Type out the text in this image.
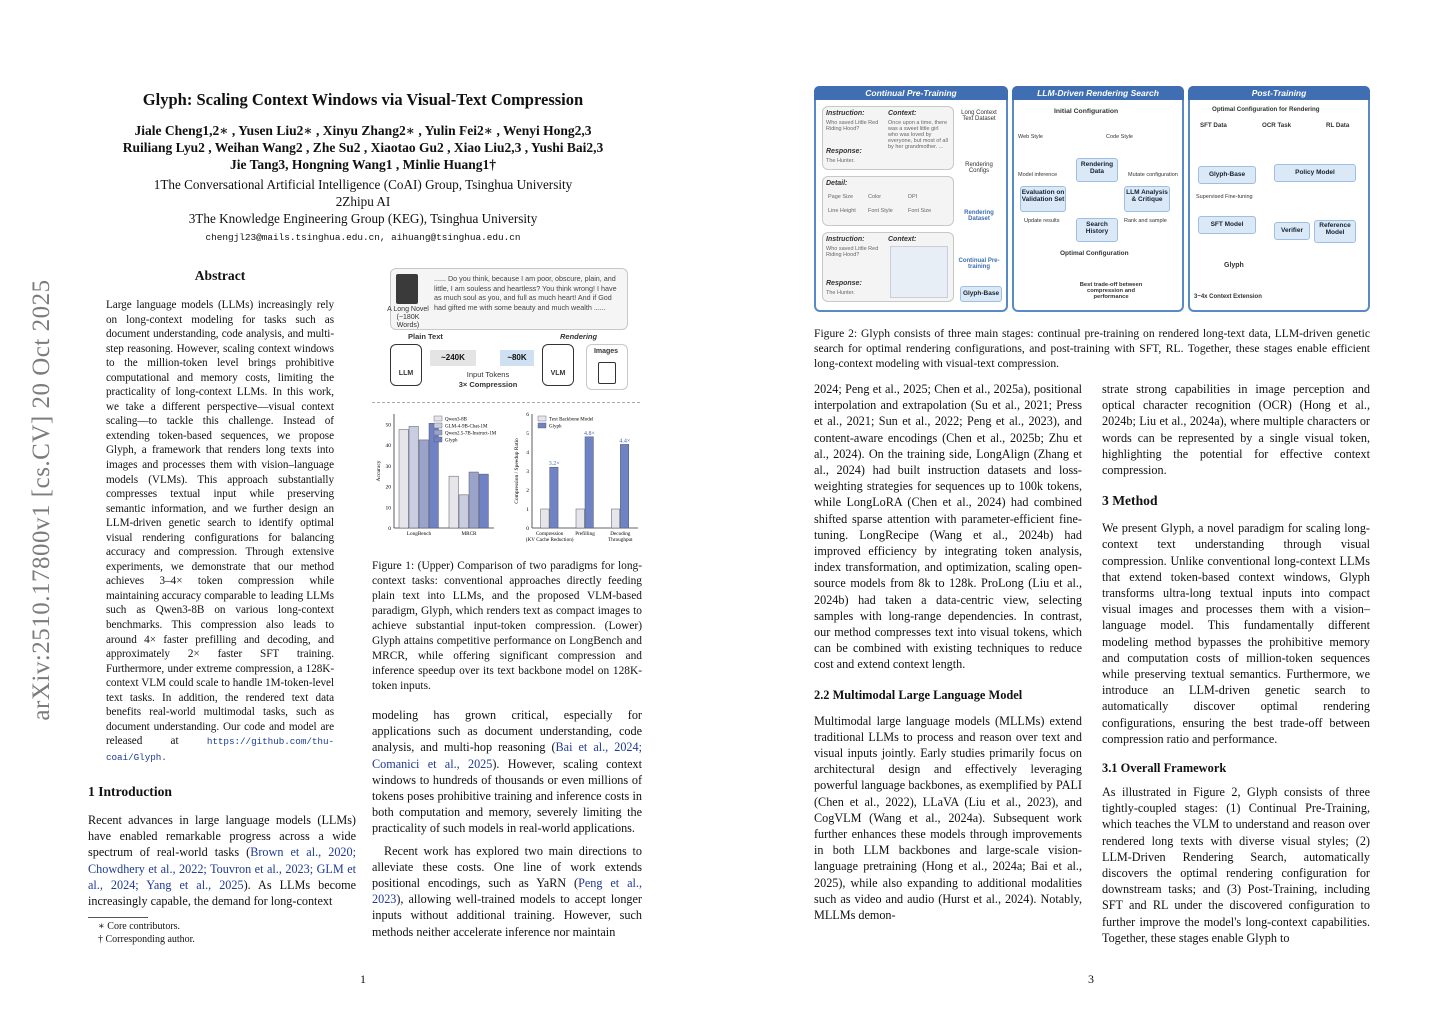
arXiv:2510.17800v1 [cs.CV] 20 Oct 2025
Glyph: Scaling Context Windows via Visual-Text Compression
Jiale Cheng1,2∗ , Yusen Liu2∗ , Xinyu Zhang2∗ , Yulin Fei2∗ , Wenyi Hong2,3
Ruiliang Lyu2 , Weihan Wang2 , Zhe Su2 , Xiaotao Gu2 , Xiao Liu2,3 , Yushi Bai2,3
Jie Tang3, Hongning Wang1 , Minlie Huang1†
1The Conversational Artificial Intelligence (CoAI) Group, Tsinghua University
2Zhipu AI
3The Knowledge Engineering Group (KEG), Tsinghua University
chengjl23@mails.tsinghua.edu.cn, aihuang@tsinghua.edu.cn
Abstract

Large language models (LLMs) increasingly rely on long-context modeling for tasks such as document understanding, code analysis, and multi-step reasoning. However, scaling context windows to the million-token level brings prohibitive computational and memory costs, limiting the practicality of long-context LLMs. In this work, we take a different perspective—visual context scaling—to tackle this challenge. Instead of extending token-based sequences, we propose Glyph, a framework that renders long texts into images and processes them with vision–language models (VLMs). This approach substantially compresses textual input while preserving semantic information, and we further design an LLM-driven genetic search to identify optimal visual rendering configurations for balancing accuracy and compression. Through extensive experiments, we demonstrate that our method achieves 3–4× token compression while maintaining accuracy comparable to leading LLMs such as Qwen3-8B on various long-context benchmarks. This compression also leads to around 4× faster prefilling and decoding, and approximately 2× faster SFT training. Furthermore, under extreme compression, a 128K-context VLM could scale to handle 1M-token-level text tasks. In addition, the rendered text data benefits real-world multimodal tasks, such as document understanding. Our code and model are released at	https://github.com/thu-coai/Glyph.

1 Introduction

Recent advances in large language models (LLMs) have enabled remarkable progress across a wide spectrum of real-world tasks (Brown et al., 2020; Chowdhery et al., 2022; Touvron et al., 2023; GLM et al., 2024; Yang et al., 2025). As LLMs become increasingly capable, the demand for long-context

∗ Core contributors.
† Corresponding author.
1
A Long Novel
(~180K Words)
...... Do you think, because I am poor, obscure, plain, and little, I am souless and heartless? You think wrong! I have as much soul as you, and full as much heart! And if God had gifted me with some beauty and much wealth ......
Plain Text	Rendering
LLM
~240K	~80K
Input Tokens
3× Compression
VLM
Images
0
10
20
30
40
50
Accuracy
LongBench	MRCR
Qwen3-8B
GLM-4-9B-Chat-1M
Qwen2.5-7B-Instruct-1M
Glyph
0
1
2
3
4
5
6
Compression / Speedup Ratio	3.2×
Compression
(KV Cache Reduction)
4.8×
Prefilling
4.4×
Decoding
Throughput
Text Backbone Model
Glyph

Figure 1: (Upper) Comparison of two paradigms for long-context tasks: conventional approaches directly feeding plain text into LLMs, and the proposed VLM-based paradigm, Glyph, which renders text as compact images to achieve substantial input-token compression. (Lower) Glyph attains competitive performance on LongBench and MRCR, while offering significant compression and inference speedup over its text backbone model on 128K-token inputs.

modeling has grown critical, especially for applications such as document understanding, code analysis, and multi-hop reasoning (Bai et al., 2024; Comanici et al., 2025). However, scaling context windows to hundreds of thousands or even millions of tokens poses prohibitive training and inference costs in both computation and memory, severely limiting the practicality of such models in real-world applications.

Recent work has explored two main directions to alleviate these costs. One line of work extends positional encodings, such as YaRN (Peng et al., 2023), allowing well-trained models to accept longer inputs without additional training. However, such methods neither accelerate inference nor maintain

Continual Pre-Training
Instruction:
Who saved Little Red Riding Hood?
Response:
The Hunter.
Context:
Once upon a time, there was a sweet little girl who was loved by everyone, but most of all by her grandmother. ...
Detail:
Page Size	Color	DPI
Line Height	Font Style	Font Size
Instruction:
Who saved Little Red Riding Hood?
Response:
The Hunter.
Context:
Long Context Text Dataset
Rendering Configs
Rendering Dataset
Continual Pre-training
Glyph-Base
LLM-Driven Rendering Search
Initial Configuration
Web Style	Code Style
Model inference
Rendering Data	Mutate configuration
Evaluation on Validation Set
LLM Analysis & Critique
Update results	Rank and sample
Search History
Optimal Configuration
Best trade-off between compression and performance
Post-Training
Optimal Configuration for Rendering
SFT Data	OCR Task	RL Data
Glyph-Base
Supervised Fine-tuning
SFT Model
Policy Model
Verifier
Reference Model
Glyph
3~4x Context Extension

Figure 2: Glyph consists of three main stages: continual pre-training on rendered long-text data, LLM-driven genetic search for optimal rendering configurations, and post-training with SFT, RL. Together, these stages enable efficient long-context modeling with visual-text compression.

2024; Peng et al., 2025; Chen et al., 2025a), positional interpolation and extrapolation (Su et al., 2021; Press et al., 2021; Sun et al., 2022; Peng et al., 2023), and content-aware encodings (Chen et al., 2025b; Zhu et al., 2024). On the training side, LongAlign (Zhang et al., 2024) had built instruction datasets and loss-weighting strategies for sequences up to 100k tokens, while LongLoRA (Chen et al., 2024) had combined shifted sparse attention with parameter-efficient fine-tuning. LongRecipe (Wang et al., 2024b) had improved efficiency by integrating token analysis, index transformation, and optimization, scaling open-source models from 8k to 128k. ProLong (Liu et al., 2024b) had taken a data-centric view, selecting samples with long-range dependencies. In contrast, our method compresses text into visual tokens, which can be combined with existing techniques to reduce cost and extend context length.

2.2 Multimodal Large Language Model

Multimodal large language models (MLLMs) extend traditional LLMs to process and reason over text and visual inputs jointly. Early studies primarily focus on architectural design and effectively leveraging powerful language backbones, as exemplified by PALI (Chen et al., 2022), LLaVA (Liu et al., 2023), and CogVLM (Wang et al., 2024a). Subsequent work further enhances these models through improvements in both LLM backbones and large-scale vision-language pretraining (Hong et al., 2024a; Bai et al., 2025), while also expanding to additional modalities such as video and audio (Hurst et al., 2024). Notably, MLLMs demon-

strate strong capabilities in image perception and optical character recognition (OCR) (Hong et al., 2024b; Liu et al., 2024a), where multiple characters or words can be represented by a single visual token, highlighting the potential for effective context compression.

3 Method

We present Glyph, a novel paradigm for scaling long-context text understanding through visual compression. Unlike conventional long-context LLMs that extend token-based context windows, Glyph transforms ultra-long textual inputs into compact visual images and processes them with a vision–language model. This fundamentally different modeling method bypasses the prohibitive memory and computation costs of million-token sequences while preserving textual semantics. Furthermore, we introduce an LLM-driven genetic search to automatically discover optimal rendering configurations, ensuring the best trade-off between compression ratio and performance.

3.1 Overall Framework

As illustrated in Figure 2, Glyph consists of three tightly-coupled stages: (1) Continual Pre-Training, which teaches the VLM to understand and reason over rendered long texts with diverse visual styles; (2) LLM-Driven Rendering Search, automatically discovers the optimal rendering configuration for downstream tasks; and (3) Post-Training, including SFT and RL under the discovered configuration to further improve the model's long-context capabilities. Together, these stages enable Glyph to

3
